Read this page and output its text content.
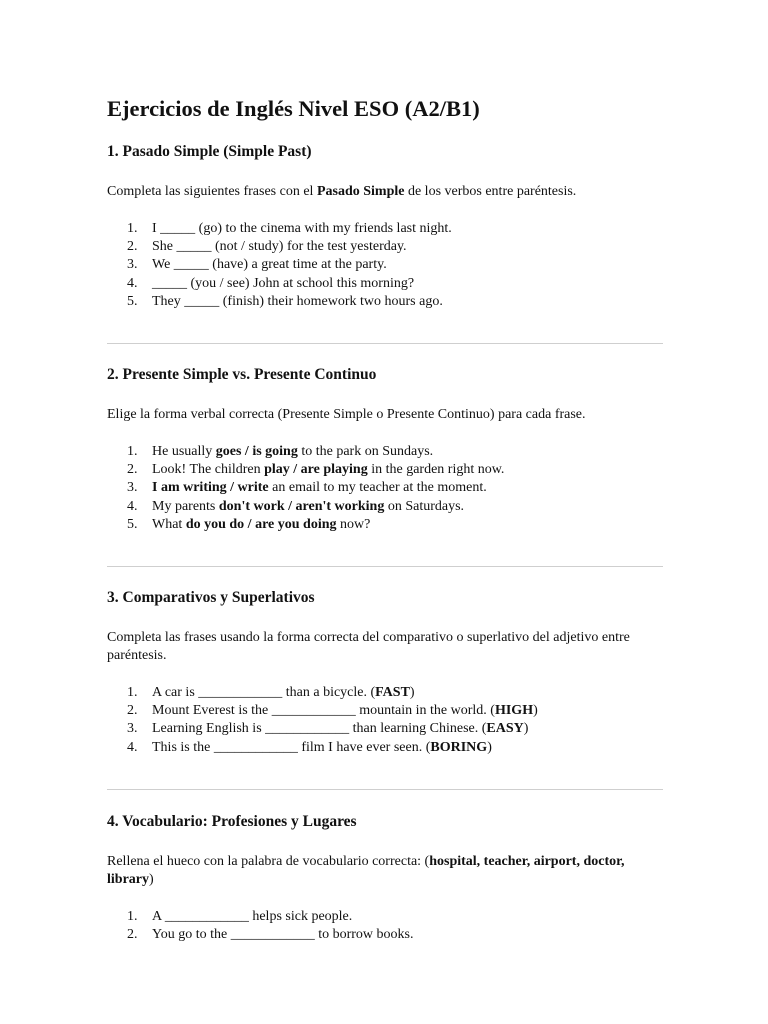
Ejercicios de Inglés Nivel ESO (A2/B1)
1. Pasado Simple (Simple Past)

Completa las siguientes frases con el Pasado Simple de los verbos entre paréntesis.

1. I _____ (go) to the cinema with my friends last night.
2. She _____ (not / study) for the test yesterday.
3. We _____ (have) a great time at the party.
4. _____ (you / see) John at school this morning?
5. They _____ (finish) their homework two hours ago.
2. Presente Simple vs. Presente Continuo

Elige la forma verbal correcta (Presente Simple o Presente Continuo) para cada frase.

1. He usually goes / is going to the park on Sundays.
2. Look! The children play / are playing in the garden right now.
3. I am writing / write an email to my teacher at the moment.
4. My parents don't work / aren't working on Saturdays.
5. What do you do / are you doing now?
3. Comparativos y Superlativos

Completa las frases usando la forma correcta del comparativo o superlativo del adjetivo entre paréntesis.

1. A car is ____________ than a bicycle. (FAST)
2. Mount Everest is the ____________ mountain in the world. (HIGH)
3. Learning English is ____________ than learning Chinese. (EASY)
4. This is the ____________ film I have ever seen. (BORING)
4. Vocabulario: Profesiones y Lugares

Rellena el hueco con la palabra de vocabulario correcta: (hospital, teacher, airport, doctor, library)

1. A ____________ helps sick people.
2. You go to the ____________ to borrow books.
